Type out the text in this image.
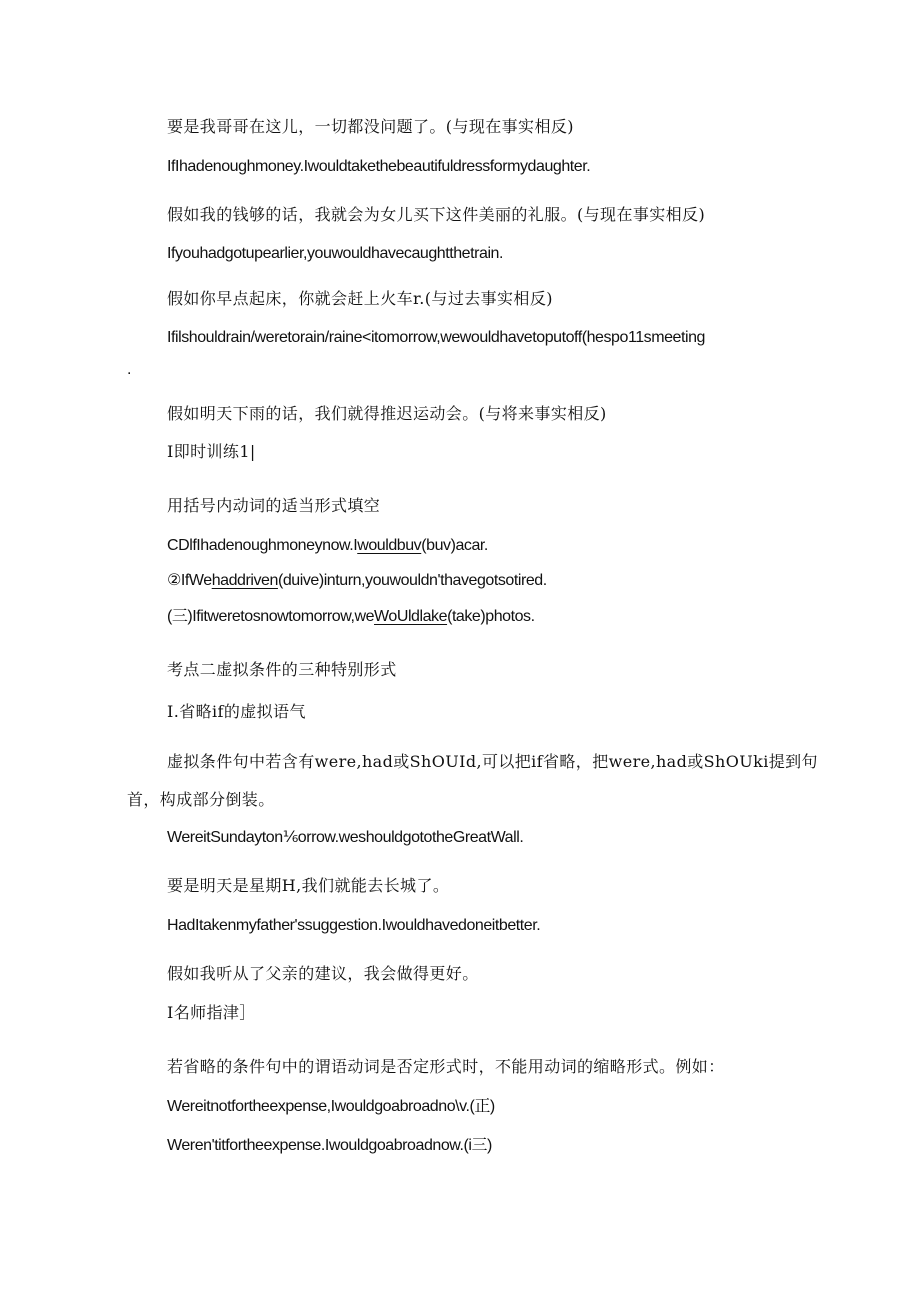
要是我哥哥在这儿，一切都没问题了。(与现在事实相反)
IfIhadenoughmoney.Iwouldtakethebeautifuldressformydaughter.
假如我的钱够的话，我就会为女儿买下这件美丽的礼服。(与现在事实相反)
Ifyouhadgotupearlier,youwouldhavecaughtthetrain.
假如你早点起床，你就会赶上火车r.(与过去事实相反)
Ifilshouldrain/weretorain/raine<itomorrow,wewouldhavetoputoff(hespo11smeeting
.
假如明天下雨的话，我们就得推迟运动会。(与将来事实相反)
I即时训练1|
用括号内动词的适当形式填空
CDlfIhadenoughmoneynow.Iwouldbuv(buv)acar.
②IfWehaddriven(duive)inturn,youwouldn'thavegotsotired.
(三)Ifitweretosnowtomorrow,weWoUldlake(take)photos.
考点二虚拟条件的三种特别形式
I.省略if的虚拟语气
虚拟条件句中若含有were,had或ShOUId,可以把if省略，把were,had或ShOUki提到句
首，构成部分倒装。
WereitSundayton⅙orrow.weshouldgototheGreatWall.
要是明天是星期H,我们就能去长城了。
HadItakenmyfather'ssuggestion.Iwouldhavedoneitbetter.
假如我听从了父亲的建议，我会做得更好。
I名师指津］
若省略的条件句中的谓语动词是否定形式时，不能用动词的缩略形式。例如：
Wereitnotfortheexpense,Iwouldgoabroadno\v.(正)
Weren'titfortheexpense.Iwouldgoabroadnow.(i三)
